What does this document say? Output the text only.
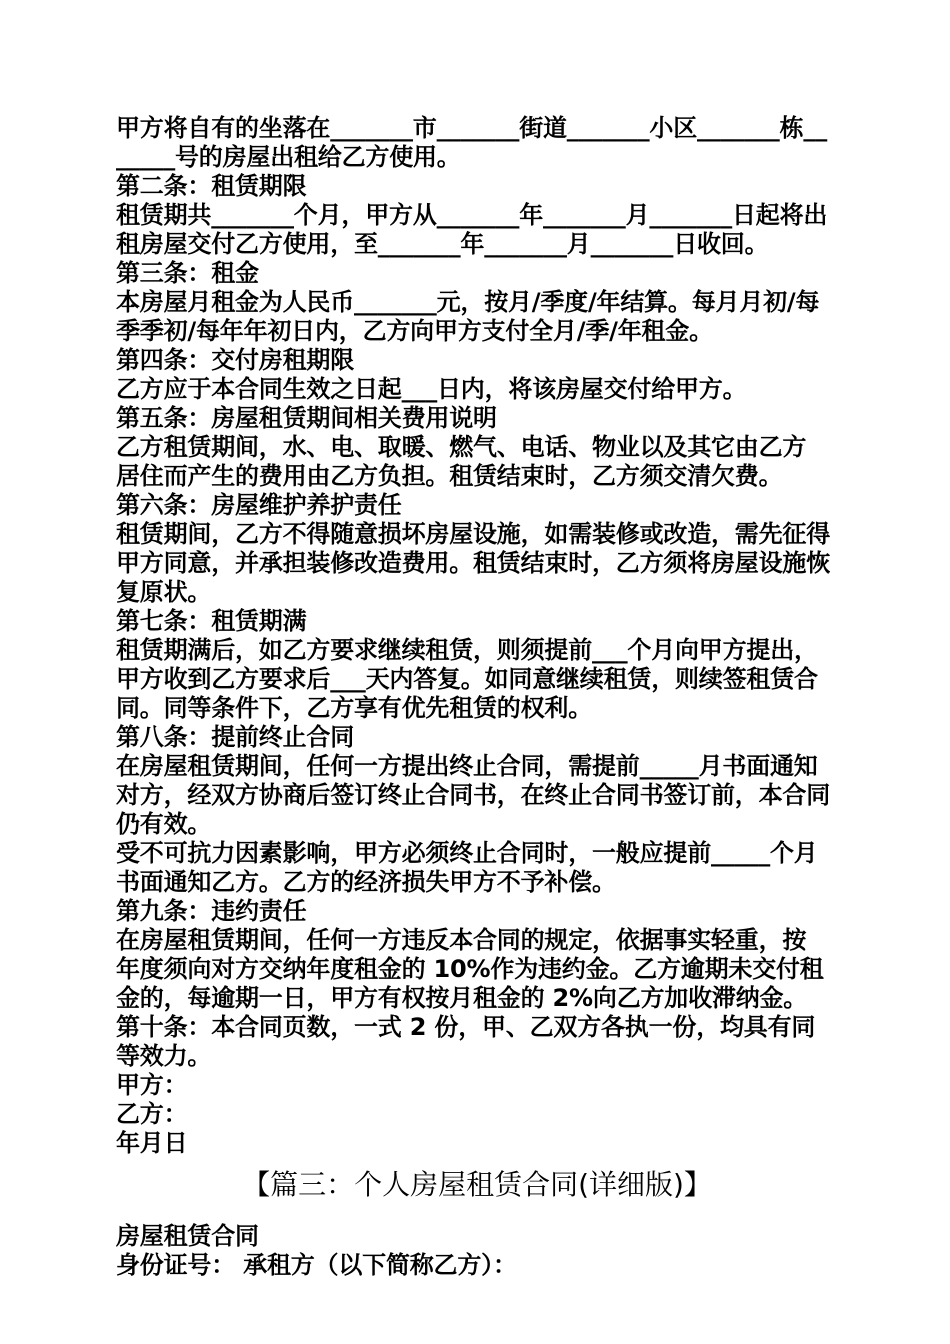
甲方将自有的坐落在_______市_______街道_______小区_______栋__
_____号的房屋出租给乙方使用。
第二条：租赁期限
租赁期共_______个月，甲方从_______年_______月_______日起将出
租房屋交付乙方使用，至_______年_______月_______日收回。
第三条：租金
本房屋月租金为人民币_______元，按月/季度/年结算。每月月初/每
季季初/每年年初日内，乙方向甲方支付全月/季/年租金。
第四条：交付房租期限
乙方应于本合同生效之日起___日内，将该房屋交付给甲方。
第五条：房屋租赁期间相关费用说明
乙方租赁期间，水、电、取暖、燃气、电话、物业以及其它由乙方
居住而产生的费用由乙方负担。租赁结束时，乙方须交清欠费。
第六条：房屋维护养护责任
租赁期间，乙方不得随意损坏房屋设施，如需装修或改造，需先征得
甲方同意，并承担装修改造费用。租赁结束时，乙方须将房屋设施恢
复原状。
第七条：租赁期满
租赁期满后，如乙方要求继续租赁，则须提前___个月向甲方提出，
甲方收到乙方要求后___天内答复。如同意继续租赁，则续签租赁合
同。同等条件下，乙方享有优先租赁的权利。
第八条：提前终止合同
在房屋租赁期间，任何一方提出终止合同，需提前_____月书面通知
对方，经双方协商后签订终止合同书，在终止合同书签订前，本合同
仍有效。
受不可抗力因素影响，甲方必须终止合同时，一般应提前_____个月
书面通知乙方。乙方的经济损失甲方不予补偿。
第九条：违约责任
在房屋租赁期间，任何一方违反本合同的规定，依据事实轻重，按
年度须向对方交纳年度租金的 10%作为违约金。乙方逾期未交付租
金的，每逾期一日，甲方有权按月租金的 2%向乙方加收滞纳金。
第十条：本合同页数，一式 2 份，甲、乙双方各执一份，均具有同
等效力。
甲方：
乙方：
年月日
【篇三：个人房屋租赁合同(详细版)】
房屋租赁合同
身份证号： 承租方（以下简称乙方）：
